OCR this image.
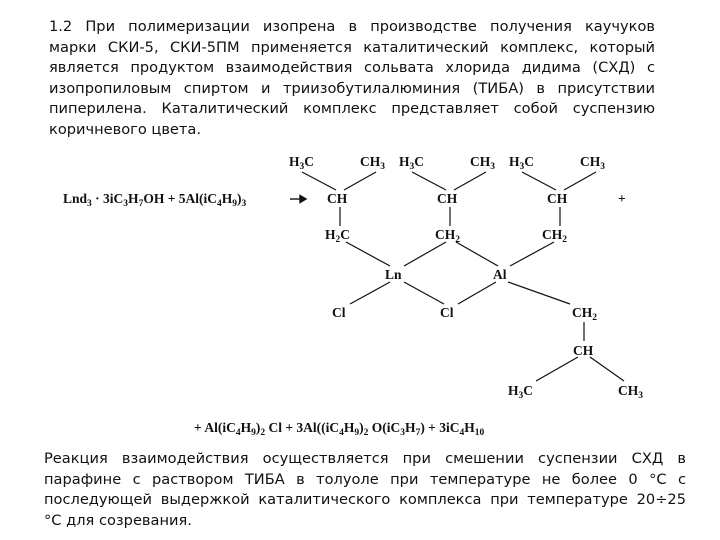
1.2 При полимеризации изопрена в производстве получения каучуков
марки СКИ-5, СКИ-5ПМ применяется каталитический комплекс, который
является продуктом взаимодействия сольвата хлорида дидима (СХД) с
изопропиловым спиртом и триизобутилалюминия (ТИБА) в присутствии
пиперилена. Каталитический комплекс представляет собой суспензию
коричневого цвета.
$Lnd_3 \cdot 3iC_3H_7OH + 5Al(iC_4H_9)_3$	+
$H_3C$	$CH_3$ $H_3C$	$CH_3$ $H_3C$	$CH_3$
CH	CH	CH
$H_2C$	$CH_2$	$CH_2$
Ln	Al
Cl	Cl	$CH_2$
CH
$H_3C$	$CH_3$
+ $Al(iC_4H_9)_2$ $Cl + 3Al((iC_4H_9)_2$ $O(iC_3H_7) + 3iC_4H_{10}$
Реакция взаимодействия осуществляется при смешении суспензии СХД в
парафине с раствором ТИБА в толуоле при температуре не более 0 °С с
последующей выдержкой каталитического комплекса при температуре 20÷25
°С для созревания.
